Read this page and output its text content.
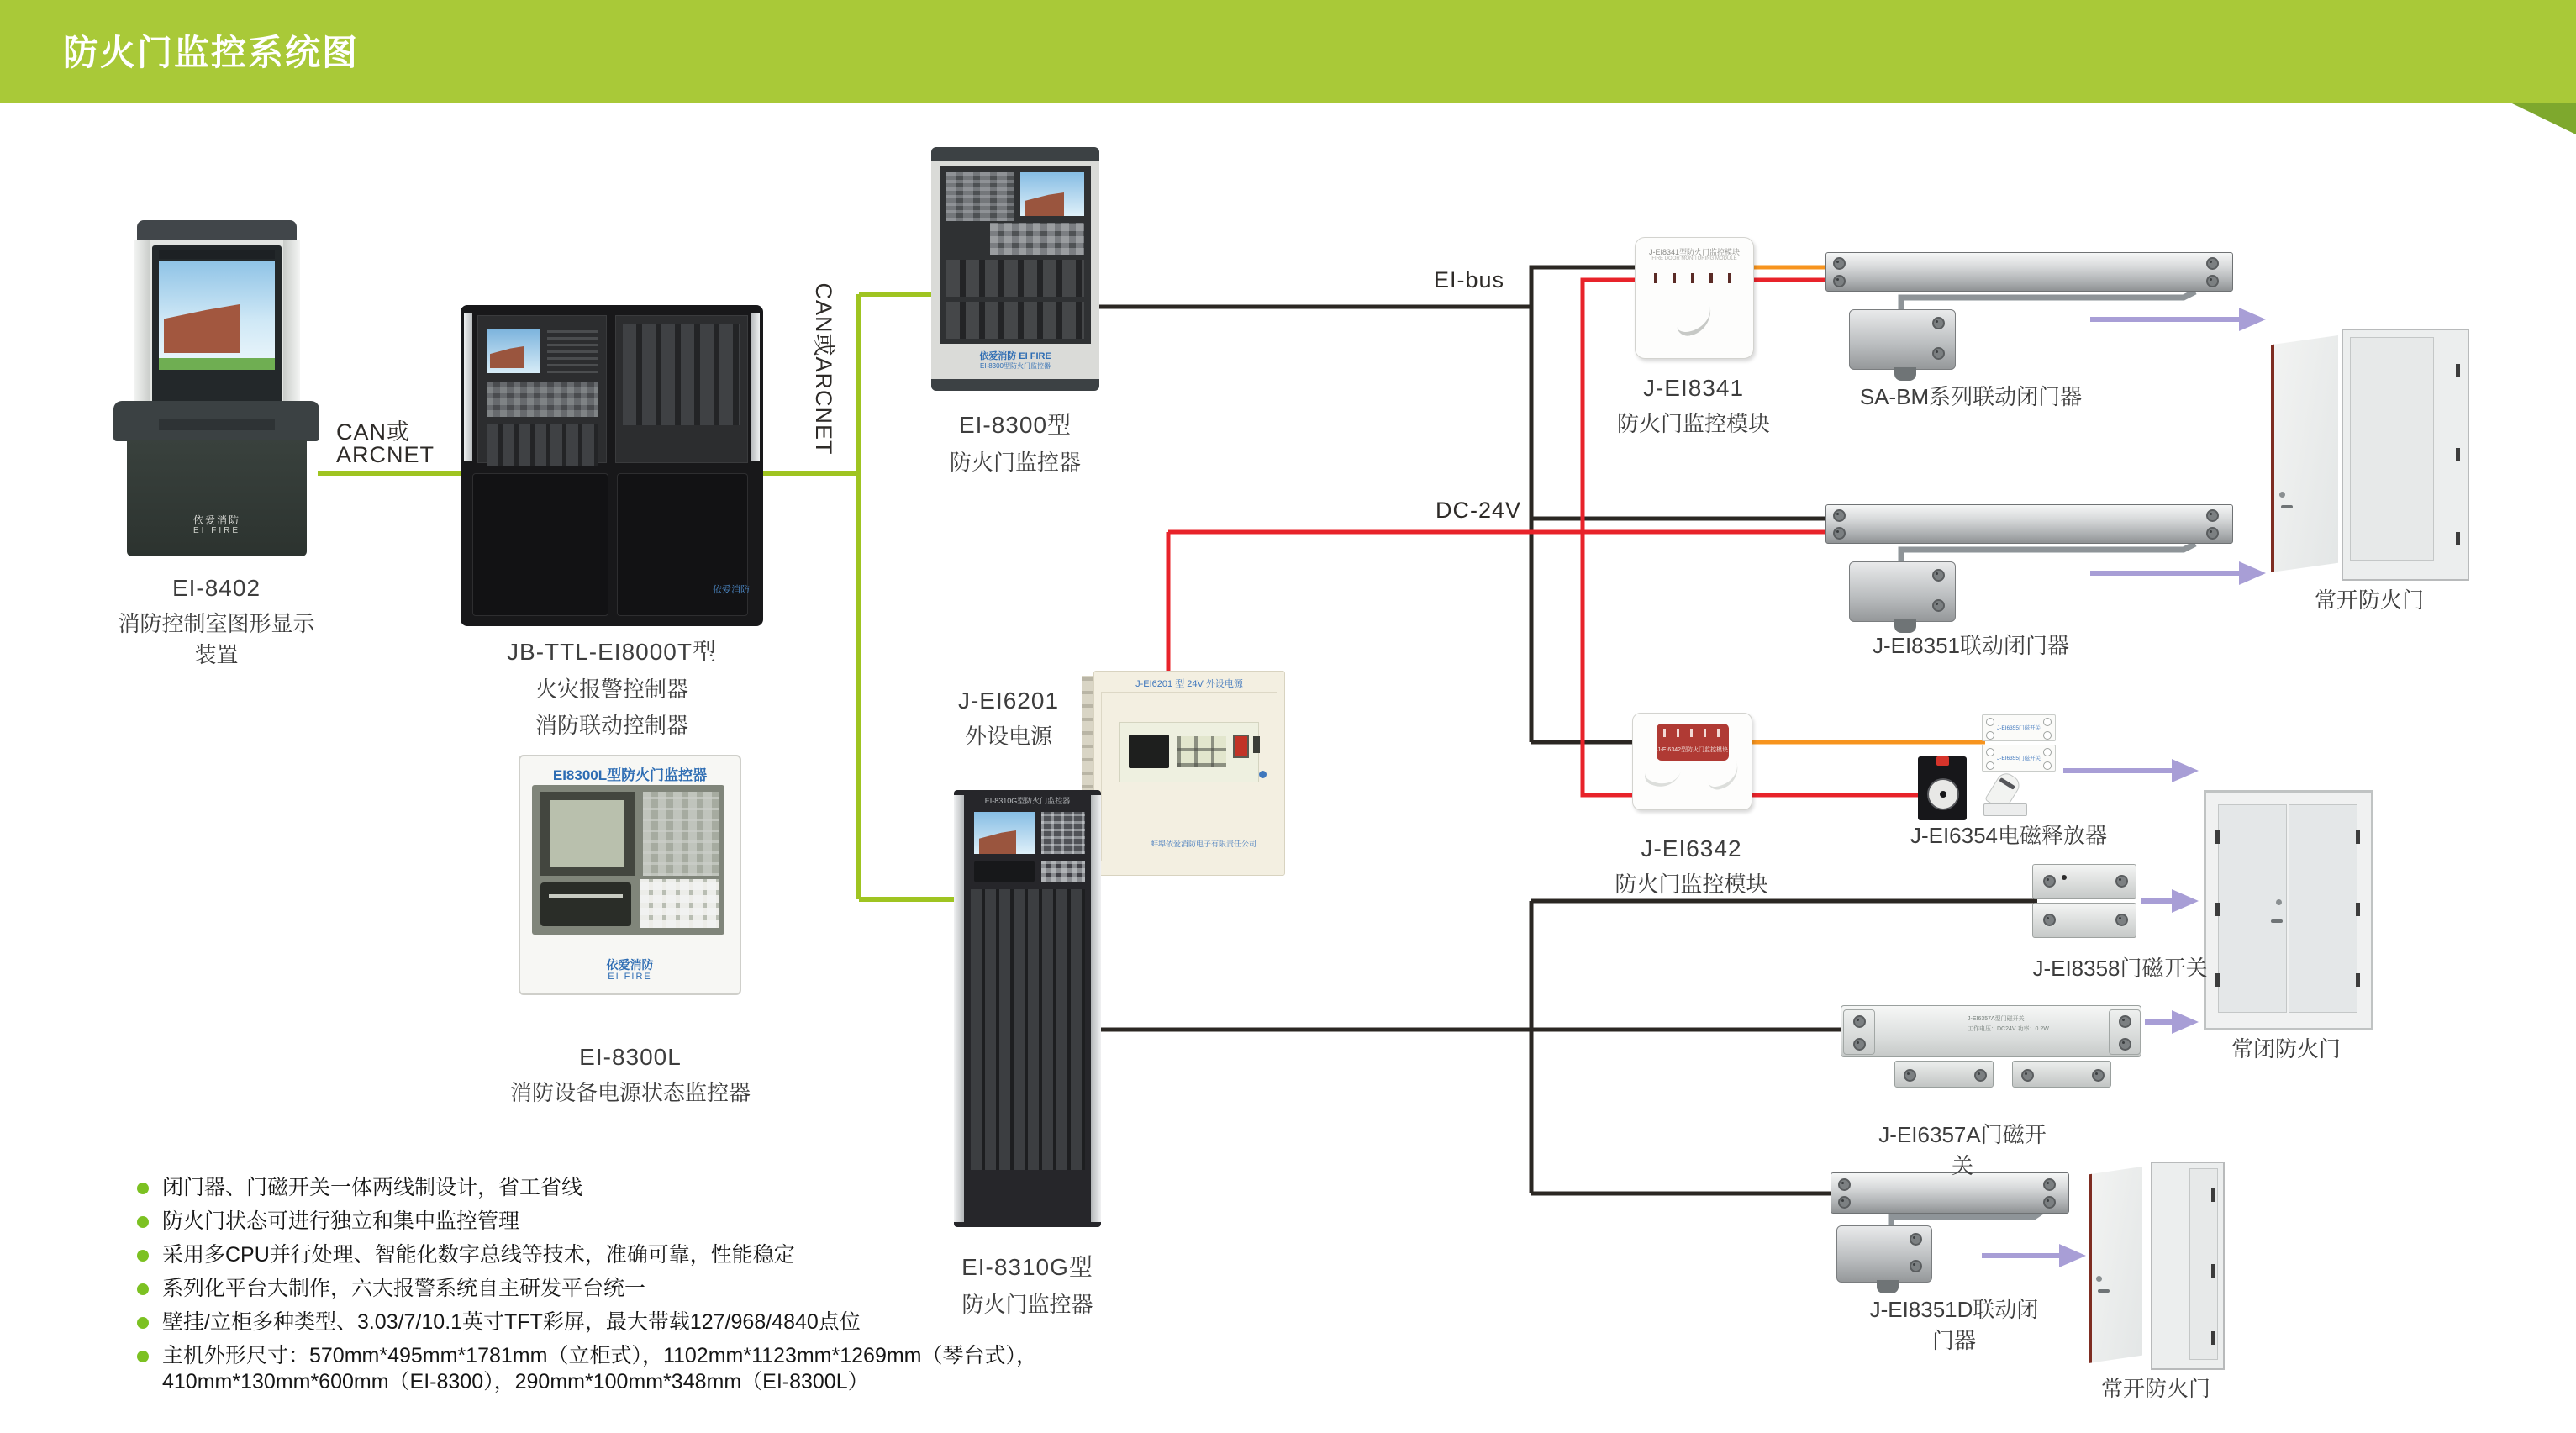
防火门监控系统图
CAN或
ARCNET	CAN或ARCNET
EI-bus
DC-24V
依爱消防
EI FIRE
EI-8402
消防控制室图形显示装置
依爱消防
JB-TTL-EI8000T型
火灾报警控制器
消防联动控制器
依爱消防 EI FIRE
EI-8300型防火门监控器
EI-8300型
防火门监控器
EI8300L型防火门监控器
依爱消防
EI FIRE
EI-8300L
消防设备电源状态监控器
J-EI6201 型 24V 外设电源
蚌埠依爱消防电子有限责任公司
J-EI6201
外设电源
EI-8310G型防火门监控器
EI-8310G型
防火门监控器
J-EI8341型防火门监控模块
FIRE DOOR MONITORING MODULE
J-EI8341
防火门监控模块
SA-BM系列联动闭门器
J-EI8351联动闭门器
J-EI6342型防火门监控模块
J-EI6342
防火门监控模块
J-EI6355门磁开关
J-EI6355门磁开关
J-EI6354电磁释放器
J-EI8358门磁开关
J-EI6357A型门磁开关
工作电压：DC24V 功率：0.2W
J-EI6357A门磁开关
J-EI8351D联动闭门器
常开防火门
常闭防火门
常开防火门
闭门器、门磁开关一体两线制设计，省工省线
防火门状态可进行独立和集中监控管理
采用多CPU并行处理、智能化数字总线等技术，准确可靠，性能稳定
系列化平台大制作，六大报警系统自主研发平台统一
壁挂/立柜多种类型、3.03/7/10.1英寸TFT彩屏，最大带载127/968/4840点位
主机外形尺寸：570mm*495mm*1781mm（立柜式），1102mm*1123mm*1269mm（琴台式），410mm*130mm*600mm（EI-8300），290mm*100mm*348mm（EI-8300L）
